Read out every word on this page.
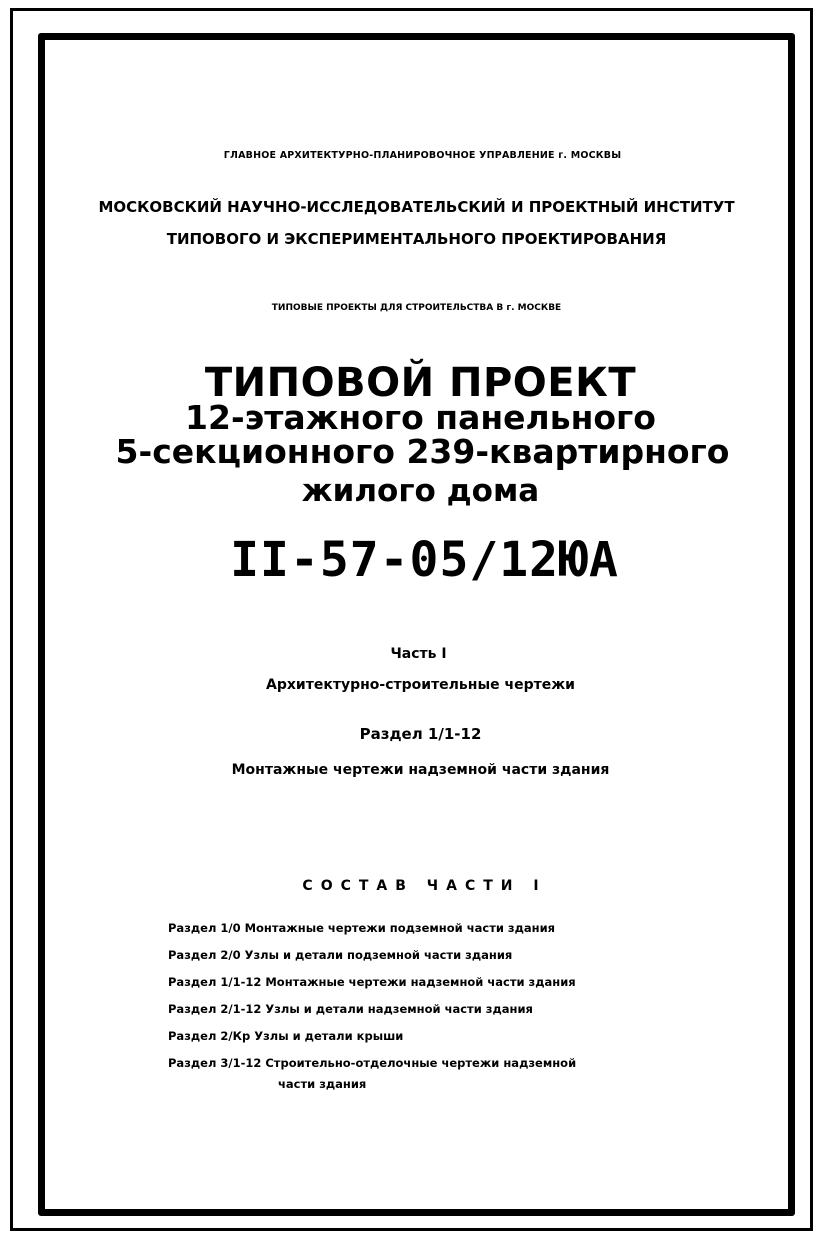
ГЛАВНОЕ АРХИТЕКТУРНО-ПЛАНИРОВОЧНОЕ УПРАВЛЕНИЕ г. МОСКВЫ
МОСКОВСКИЙ НАУЧНО-ИССЛЕДОВАТЕЛЬСКИЙ И ПРОЕКТНЫЙ ИНСТИТУТ
ТИПОВОГО И ЭКСПЕРИМЕНТАЛЬНОГО ПРОЕКТИРОВАНИЯ
ТИПОВЫЕ ПРОЕКТЫ ДЛЯ СТРОИТЕЛЬСТВА В г. МОСКВЕ
ТИПОВОЙ ПРОЕКТ
12-этажного панельного
5-секционного 239-квартирного
жилого дома
II-57-05/12ЮА
Часть I
Архитектурно-строительные чертежи
Раздел 1/1-12
Монтажные чертежи надземной части здания
СОСТАВ ЧАСТИ I
Раздел 1/0 Монтажные чертежи подземной части здания
Раздел 2/0 Узлы и детали подземной части здания
Раздел 1/1-12 Монтажные чертежи надземной части здания
Раздел 2/1-12 Узлы и детали надземной части здания
Раздел 2/Кр Узлы и детали крыши
Раздел 3/1-12 Строительно-отделочные чертежи надземной
части здания
